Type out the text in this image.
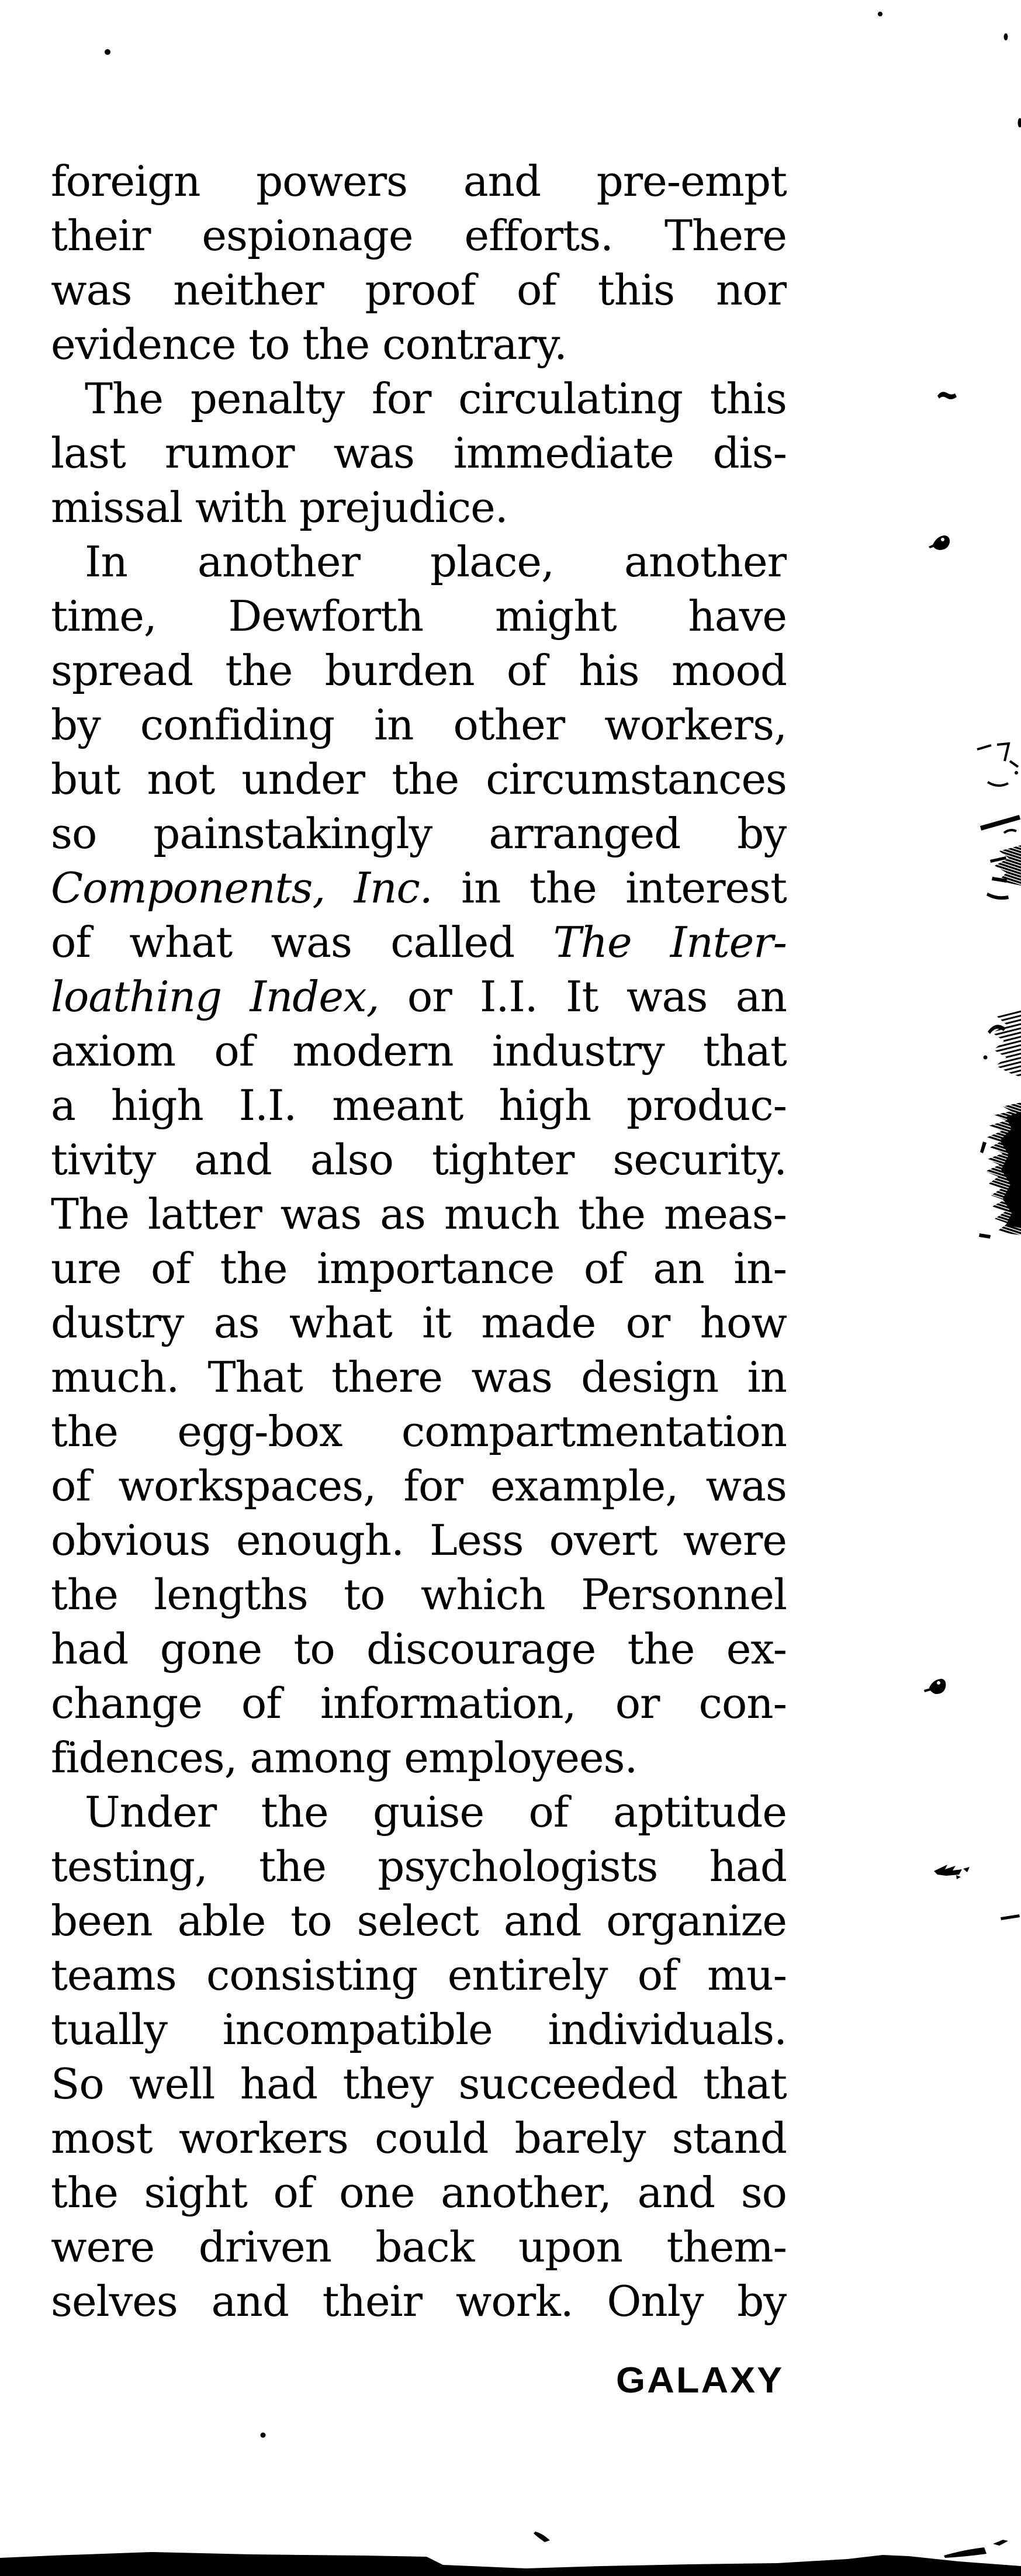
foreign powers and pre-empt
their espionage efforts. There
was neither proof of this nor
evidence to the contrary.
The penalty for circulating this
last rumor was immediate dis-
missal with prejudice.
In another place, another
time, Dewforth might have
spread the burden of his mood
by confiding in other workers,
but not under the circumstances
so painstakingly arranged by
Components, Inc. in the interest
of what was called The Inter-
loathing Index, or I.I. It was an
axiom of modern industry that
a high I.I. meant high produc-
tivity and also tighter security.
The latter was as much the meas-
ure of the importance of an in-
dustry as what it made or how
much. That there was design in
the egg-box compartmentation
of workspaces, for example, was
obvious enough. Less overt were
the lengths to which Personnel
had gone to discourage the ex-
change of information, or con-
fidences, among employees.
Under the guise of aptitude
testing, the psychologists had
been able to select and organize
teams consisting entirely of mu-
tually incompatible individuals.
So well had they succeeded that
most workers could barely stand
the sight of one another, and so
were driven back upon them-
selves and their work. Only by
GALAXY
